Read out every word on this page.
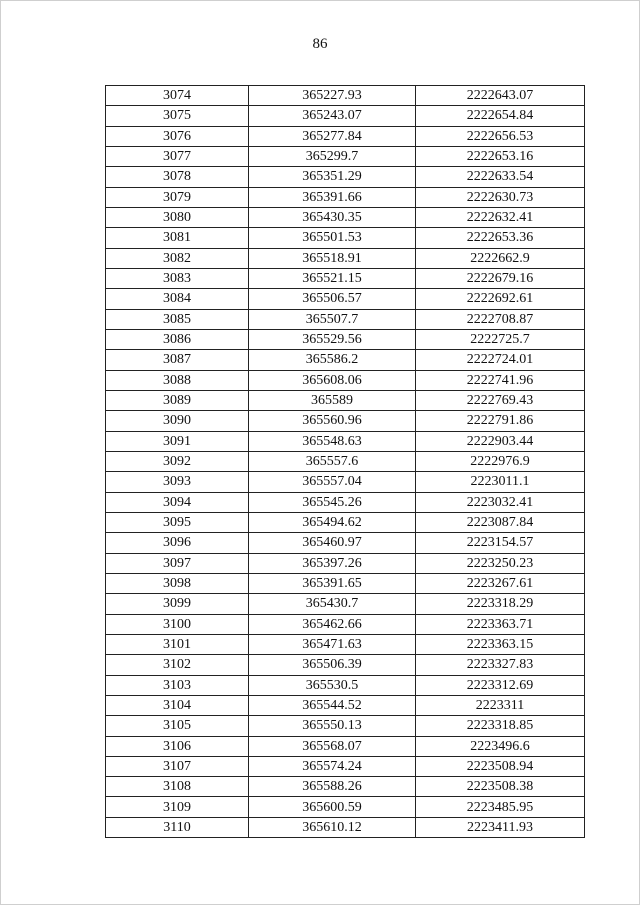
86
3074	365227.93	2222643.07
3075	365243.07	2222654.84
3076	365277.84	2222656.53
3077	365299.7	2222653.16
3078	365351.29	2222633.54
3079	365391.66	2222630.73
3080	365430.35	2222632.41
3081	365501.53	2222653.36
3082	365518.91	2222662.9
3083	365521.15	2222679.16
3084	365506.57	2222692.61
3085	365507.7	2222708.87
3086	365529.56	2222725.7
3087	365586.2	2222724.01
3088	365608.06	2222741.96
3089	365589	2222769.43
3090	365560.96	2222791.86
3091	365548.63	2222903.44
3092	365557.6	2222976.9
3093	365557.04	2223011.1
3094	365545.26	2223032.41
3095	365494.62	2223087.84
3096	365460.97	2223154.57
3097	365397.26	2223250.23
3098	365391.65	2223267.61
3099	365430.7	2223318.29
3100	365462.66	2223363.71
3101	365471.63	2223363.15
3102	365506.39	2223327.83
3103	365530.5	2223312.69
3104	365544.52	2223311
3105	365550.13	2223318.85
3106	365568.07	2223496.6
3107	365574.24	2223508.94
3108	365588.26	2223508.38
3109	365600.59	2223485.95
3110	365610.12	2223411.93
